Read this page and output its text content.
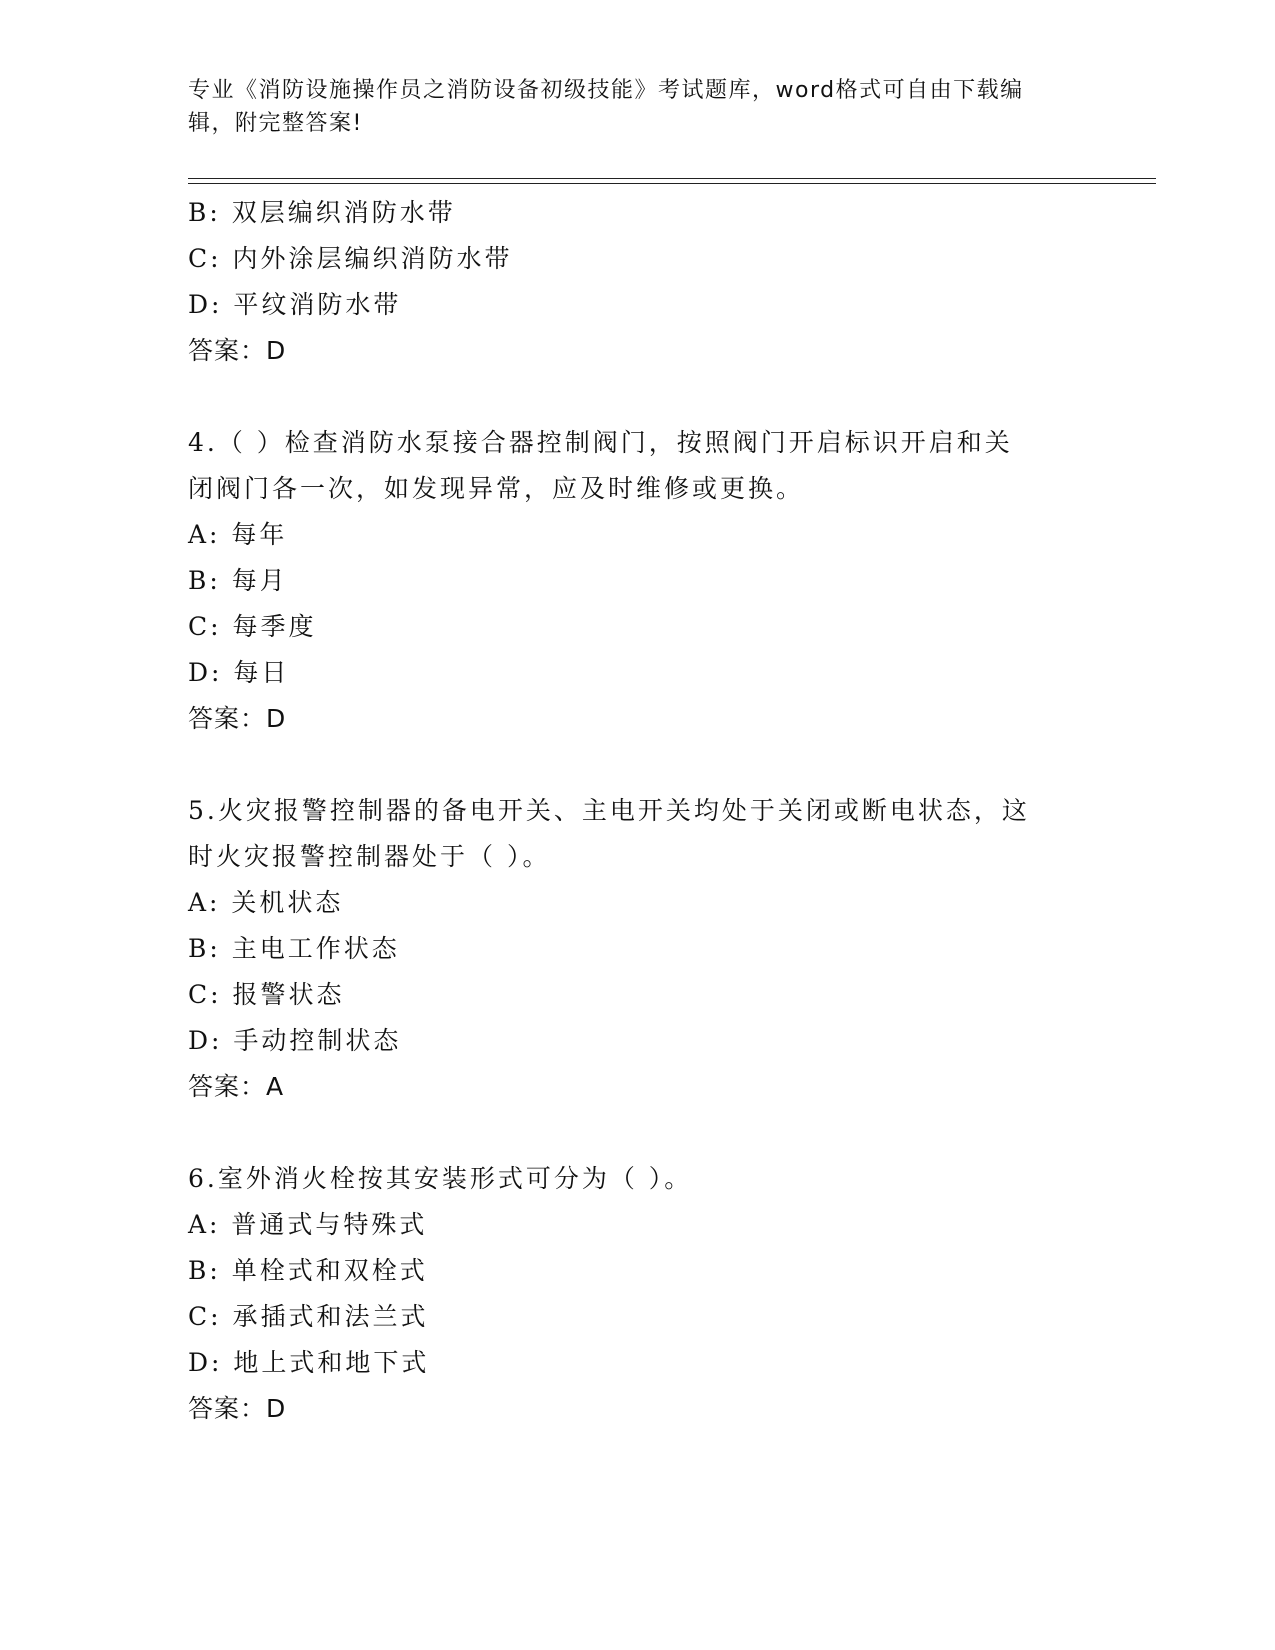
专业《消防设施操作员之消防设备初级技能》考试题库，word格式可自由下载编
辑，附完整答案!
B: 双层编织消防水带
C: 内外涂层编织消防水带
D: 平纹消防水带
答案：D
4.（ ）检查消防水泵接合器控制阀门，按照阀门开启标识开启和关
闭阀门各一次，如发现异常，应及时维修或更换。
A: 每年
B: 每月
C: 每季度
D: 每日
答案：D
5.火灾报警控制器的备电开关、主电开关均处于关闭或断电状态，这
时火灾报警控制器处于（ ）。
A: 关机状态
B: 主电工作状态
C: 报警状态
D: 手动控制状态
答案：A
6.室外消火栓按其安装形式可分为（ ）。
A: 普通式与特殊式
B: 单栓式和双栓式
C: 承插式和法兰式
D: 地上式和地下式
答案：D
